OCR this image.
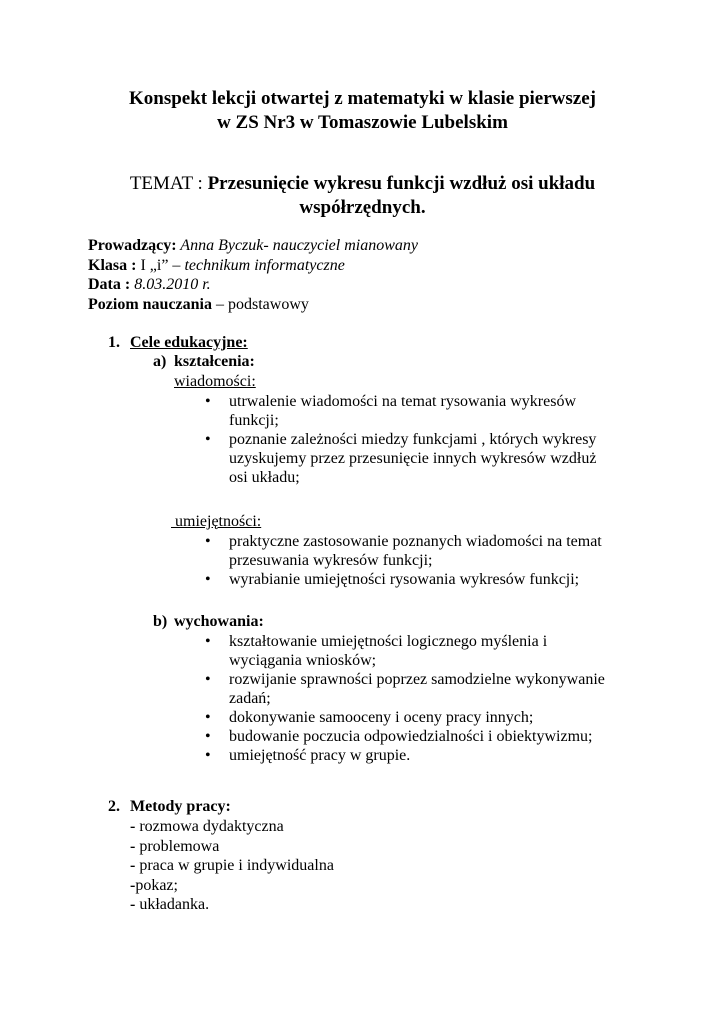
Konspekt lekcji otwartej z matematyki w klasie pierwszej
w ZS Nr3 w Tomaszowie Lubelskim
TEMAT : Przesunięcie wykresu funkcji wzdłuż osi układu
współrzędnych.
Prowadzący: Anna Byczuk- nauczyciel mianowany
Klasa : I „i” – technikum informatyczne
Data : 8.03.2010 r.
Poziom nauczania – podstawowy
1. Cele edukacyjne:
a) kształcenia:
wiadomości:
• utrwalenie wiadomości na temat rysowania wykresów funkcji;
• poznanie zależności miedzy funkcjami , których wykresy uzyskujemy przez przesunięcie innych wykresów wzdłuż osi układu;
umiejętności:
• praktyczne zastosowanie poznanych wiadomości na temat przesuwania wykresów funkcji;
• wyrabianie umiejętności rysowania wykresów funkcji;
b) wychowania:
• kształtowanie umiejętności logicznego myślenia i wyciągania wniosków;
• rozwijanie sprawności poprzez samodzielne wykonywanie zadań;
• dokonywanie samooceny i oceny pracy innych;
• budowanie poczucia odpowiedzialności i obiektywizmu;
• umiejętność pracy w grupie.
2. Metody pracy:
- rozmowa dydaktyczna
- problemowa
- praca w grupie i indywidualna
-pokaz;
- układanka.
